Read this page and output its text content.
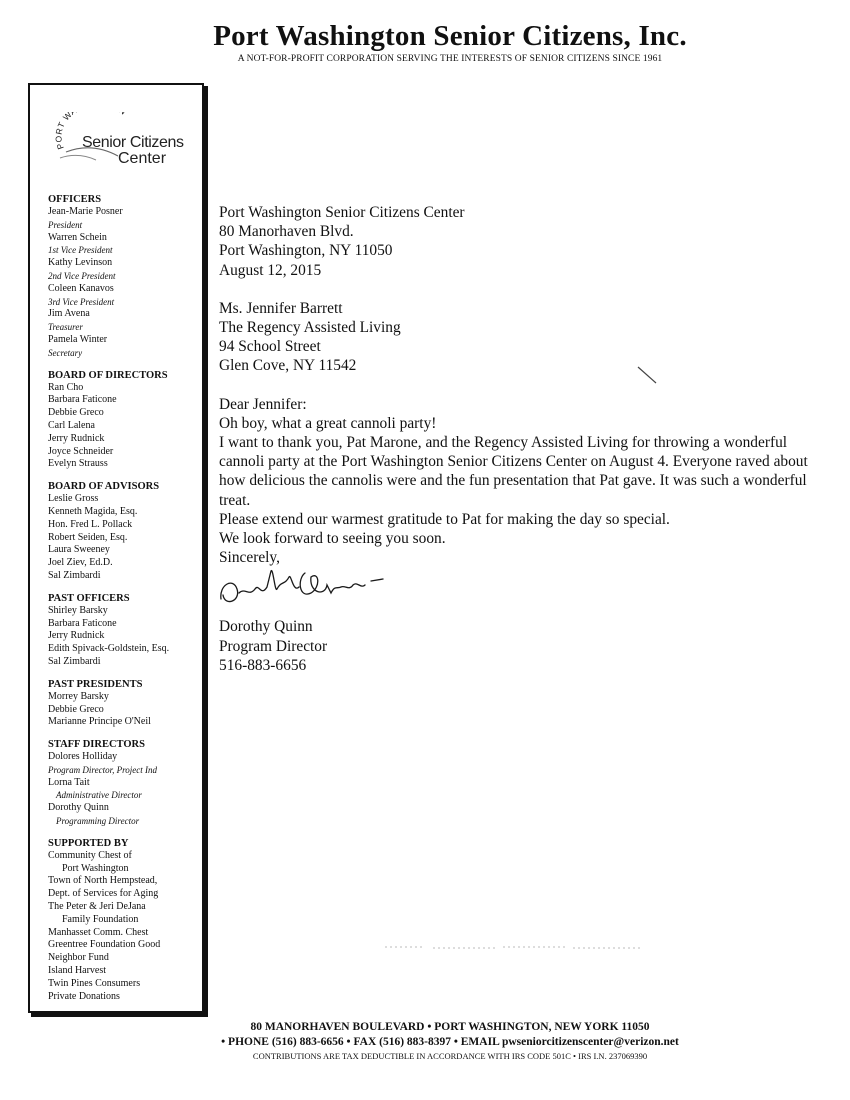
Port Washington Senior Citizens, Inc.
A NOT-FOR-PROFIT CORPORATION SERVING THE INTERESTS OF SENIOR CITIZENS SINCE 1961
PORT W
Senior Citizens
Center
OFFICERS
Jean-Marie Posner
President
Warren Schein
1st Vice President
Kathy Levinson
2nd Vice President
Coleen Kanavos
3rd Vice President
Jim Avena
Treasurer
Pamela Winter
Secretary
BOARD OF DIRECTORS
Ran Cho
Barbara Faticone
Debbie Greco
Carl Lalena
Jerry Rudnick
Joyce Schneider
Evelyn Strauss
BOARD OF ADVISORS
Leslie Gross
Kenneth Magida, Esq.
Hon. Fred L. Pollack
Robert Seiden, Esq.
Laura Sweeney
Joel Ziev, Ed.D.
Sal Zimbardi
PAST OFFICERS
Shirley Barsky
Barbara Faticone
Jerry Rudnick
Edith Spivack-Goldstein, Esq.
Sal Zimbardi
PAST PRESIDENTS
Morrey Barsky
Debbie Greco
Marianne Principe O'Neil
STAFF DIRECTORS
Dolores Holliday
Program Director, Project Ind
Lorna Tait
Administrative Director
Dorothy Quinn
Programming Director
SUPPORTED BY
Community Chest of
Port Washington
Town of North Hempstead,
Dept. of Services for Aging
The Peter & Jeri DeJana
Family Foundation
Manhasset Comm. Chest
Greentree Foundation Good
Neighbor Fund
Island Harvest
Twin Pines Consumers
Private Donations

Port Washington Senior Citizens Center

80 Manorhaven Blvd.

Port Washington, NY 11050

August 12, 2015

Ms. Jennifer Barrett

The Regency Assisted Living

94 School Street

Glen Cove, NY 11542

Dear Jennifer:

Oh boy, what a great cannoli party!

I want to thank you, Pat Marone, and the Regency Assisted Living for throwing a wonderful cannoli party at the Port Washington Senior Citizens Center on August 4. Everyone raved about how delicious the cannolis were and the fun presentation that Pat gave. It was such a wonderful treat.

Please extend our warmest gratitude to Pat for making the day so special.

We look forward to seeing you soon.

Sincerely,

Dorothy Quinn

Program Director

516-883-6656

80 MANORHAVEN BOULEVARD • PORT WASHINGTON, NEW YORK 11050
• PHONE (516) 883-6656 • FAX (516) 883-8397 • EMAIL pwseniorcitizenscenter@verizon.net
CONTRIBUTIONS ARE TAX DEDUCTIBLE IN ACCORDANCE WITH IRS CODE 501C • IRS I.N. 237069390
